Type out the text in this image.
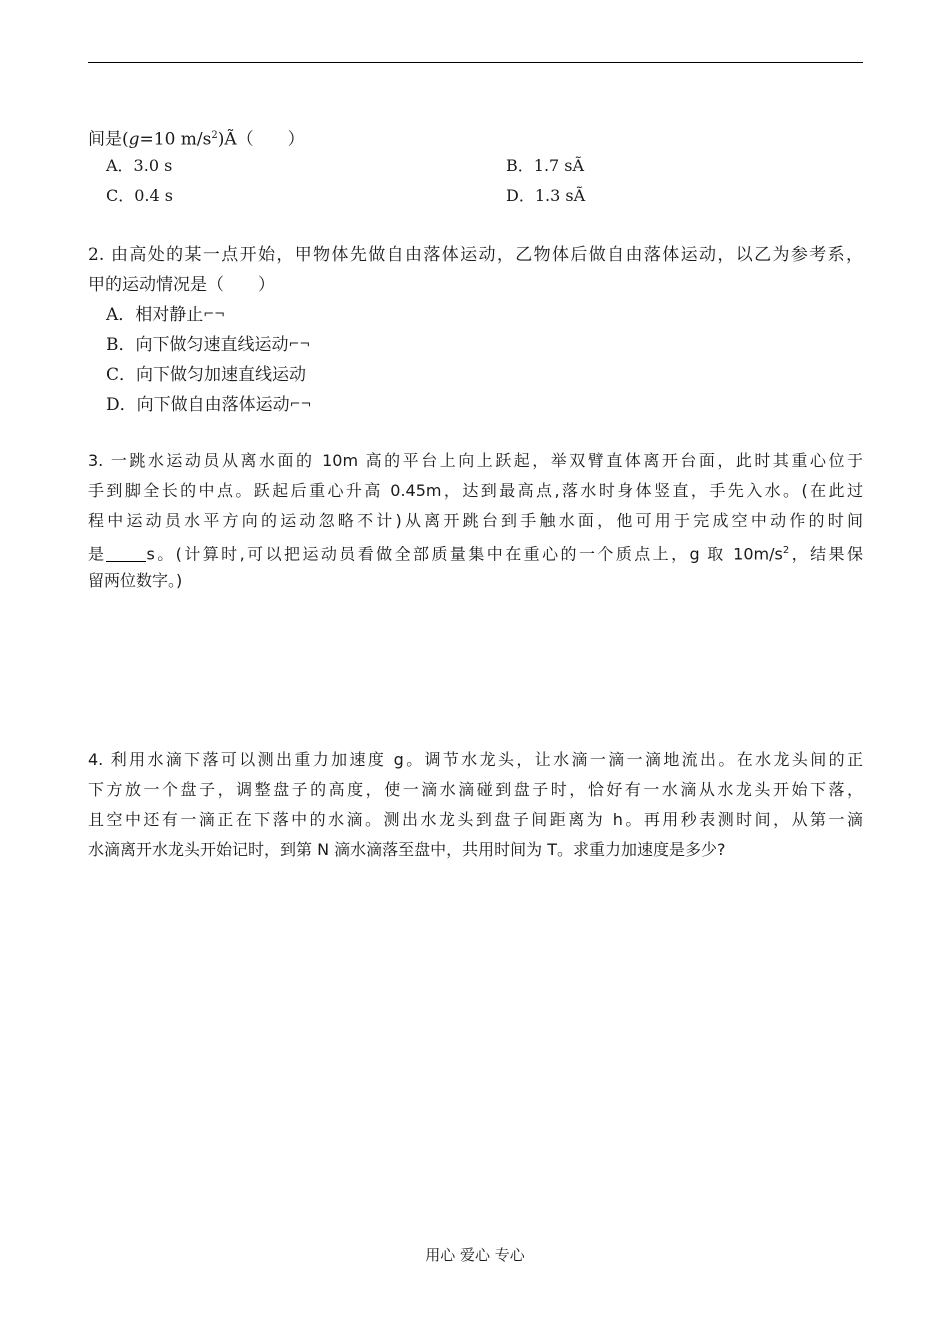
间是(g=10 $m/s^2)Ã$（　　）
A．3.0 s	B．1.7 sÃ
C．0.4 s	D．1.3 sÃ
2. 由高处的某一点开始，甲物体先做自由落体运动，乙物体后做自由落体运动，以乙为参考系，
甲的运动情况是（　　）
A．相对静止⌐¬
B．向下做匀速直线运动⌐¬
C．向下做匀加速直线运动
D．向下做自由落体运动⌐¬
3. 一跳水运动员从离水面的 10m 高的平台上向上跃起，举双臂直体离开台面，此时其重心位于
手到脚全长的中点。跃起后重心升高 0.45m，达到最高点,落水时身体竖直，手先入水。(在此过
程中运动员水平方向的运动忽略不计)从离开跳台到手触水面，他可用于完成空中动作的时间
是	s。(计算时,可以把运动员看做全部质量集中在重心的一个质点上，g 取 $10m/s^2$，结果保
留两位数字。)
4. 利用水滴下落可以测出重力加速度 g。调节水龙头，让水滴一滴一滴地流出。在水龙头间的正
下方放一个盘子，调整盘子的高度，使一滴水滴碰到盘子时，恰好有一水滴从水龙头开始下落，
且空中还有一滴正在下落中的水滴。测出水龙头到盘子间距离为 h。再用秒表测时间，从第一滴
水滴离开水龙头开始记时，到第 N 滴水滴落至盘中，共用时间为 T。求重力加速度是多少?
用心 爱心 专心
